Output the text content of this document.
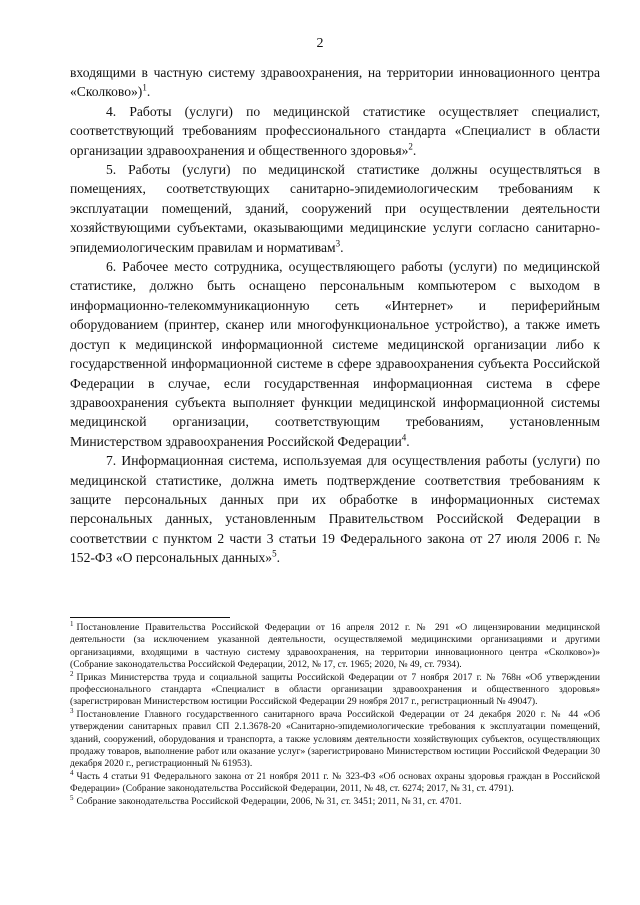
2

входящими в частную систему здравоохранения, на территории инновационного центра «Сколково»)$^1$.

4. Работы (услуги) по медицинской статистике осуществляет специалист, соответствующий требованиям профессионального стандарта «Специалист в области организации здравоохранения и общественного здоровья»$^2$.

5. Работы (услуги) по медицинской статистике должны осуществляться в помещениях, соответствующих санитарно-эпидемиологическим требованиям к эксплуатации помещений, зданий, сооружений при осуществлении деятельности хозяйствующими субъектами, оказывающими медицинские услуги согласно санитарно-эпидемиологическим правилам и нормативам$^3$.

6. Рабочее место сотрудника, осуществляющего работы (услуги) по медицинской статистике, должно быть оснащено персональным компьютером с выходом в информационно-телекоммуникационную сеть «Интернет» и периферийным оборудованием (принтер, сканер или многофункциональное устройство), а также иметь доступ к медицинской информационной системе медицинской организации либо к государственной информационной системе в сфере здравоохранения субъекта Российской Федерации в случае, если государственная информационная система в сфере здравоохранения субъекта выполняет функции медицинской информационной системы медицинской организации, соответствующим требованиям, установленным Министерством здравоохранения Российской Федерации$^4$.

7. Информационная система, используемая для осуществления работы (услуги) по медицинской статистике, должна иметь подтверждение соответствия требованиям к защите персональных данных при их обработке в информационных системах персональных данных, установленным Правительством Российской Федерации в соответствии с пунктом 2 части 3 статьи 19 Федерального закона от 27 июля 2006 г. № 152-ФЗ «О персональных данных»$^5$.

$^1$ Постановление Правительства Российской Федерации от 16 апреля 2012 г. № 291 «О лицензировании медицинской деятельности (за исключением указанной деятельности, осуществляемой медицинскими организациями и другими организациями, входящими в частную систему здравоохранения, на территории инновационного центра «Сколково»)» (Собрание законодательства Российской Федерации, 2012, № 17, ст. 1965; 2020, № 49, ст. 7934).

$^2$ Приказ Министерства труда и социальной защиты Российской Федерации от 7 ноября 2017 г. № 768н «Об утверждении профессионального стандарта «Специалист в области организации здравоохранения и общественного здоровья» (зарегистрирован Министерством юстиции Российской Федерации 29 ноября 2017 г., регистрационный № 49047).

$^3$ Постановление Главного государственного санитарного врача Российской Федерации от 24 декабря 2020 г. № 44 «Об утверждении санитарных правил СП 2.1.3678-20 «Санитарно-эпидемиологические требования к эксплуатации помещений, зданий, сооружений, оборудования и транспорта, а также условиям деятельности хозяйствующих субъектов, осуществляющих продажу товаров, выполнение работ или оказание услуг» (зарегистрировано Министерством юстиции Российской Федерации 30 декабря 2020 г., регистрационный № 61953).

$^4$ Часть 4 статьи 91 Федерального закона от 21 ноября 2011 г. № 323-ФЗ «Об основах охраны здоровья граждан в Российской Федерации» (Собрание законодательства Российской Федерации, 2011, № 48, ст. 6274; 2017, № 31, ст. 4791).

$^5$ Собрание законодательства Российской Федерации, 2006, № 31, ст. 3451; 2011, № 31, ст. 4701.
